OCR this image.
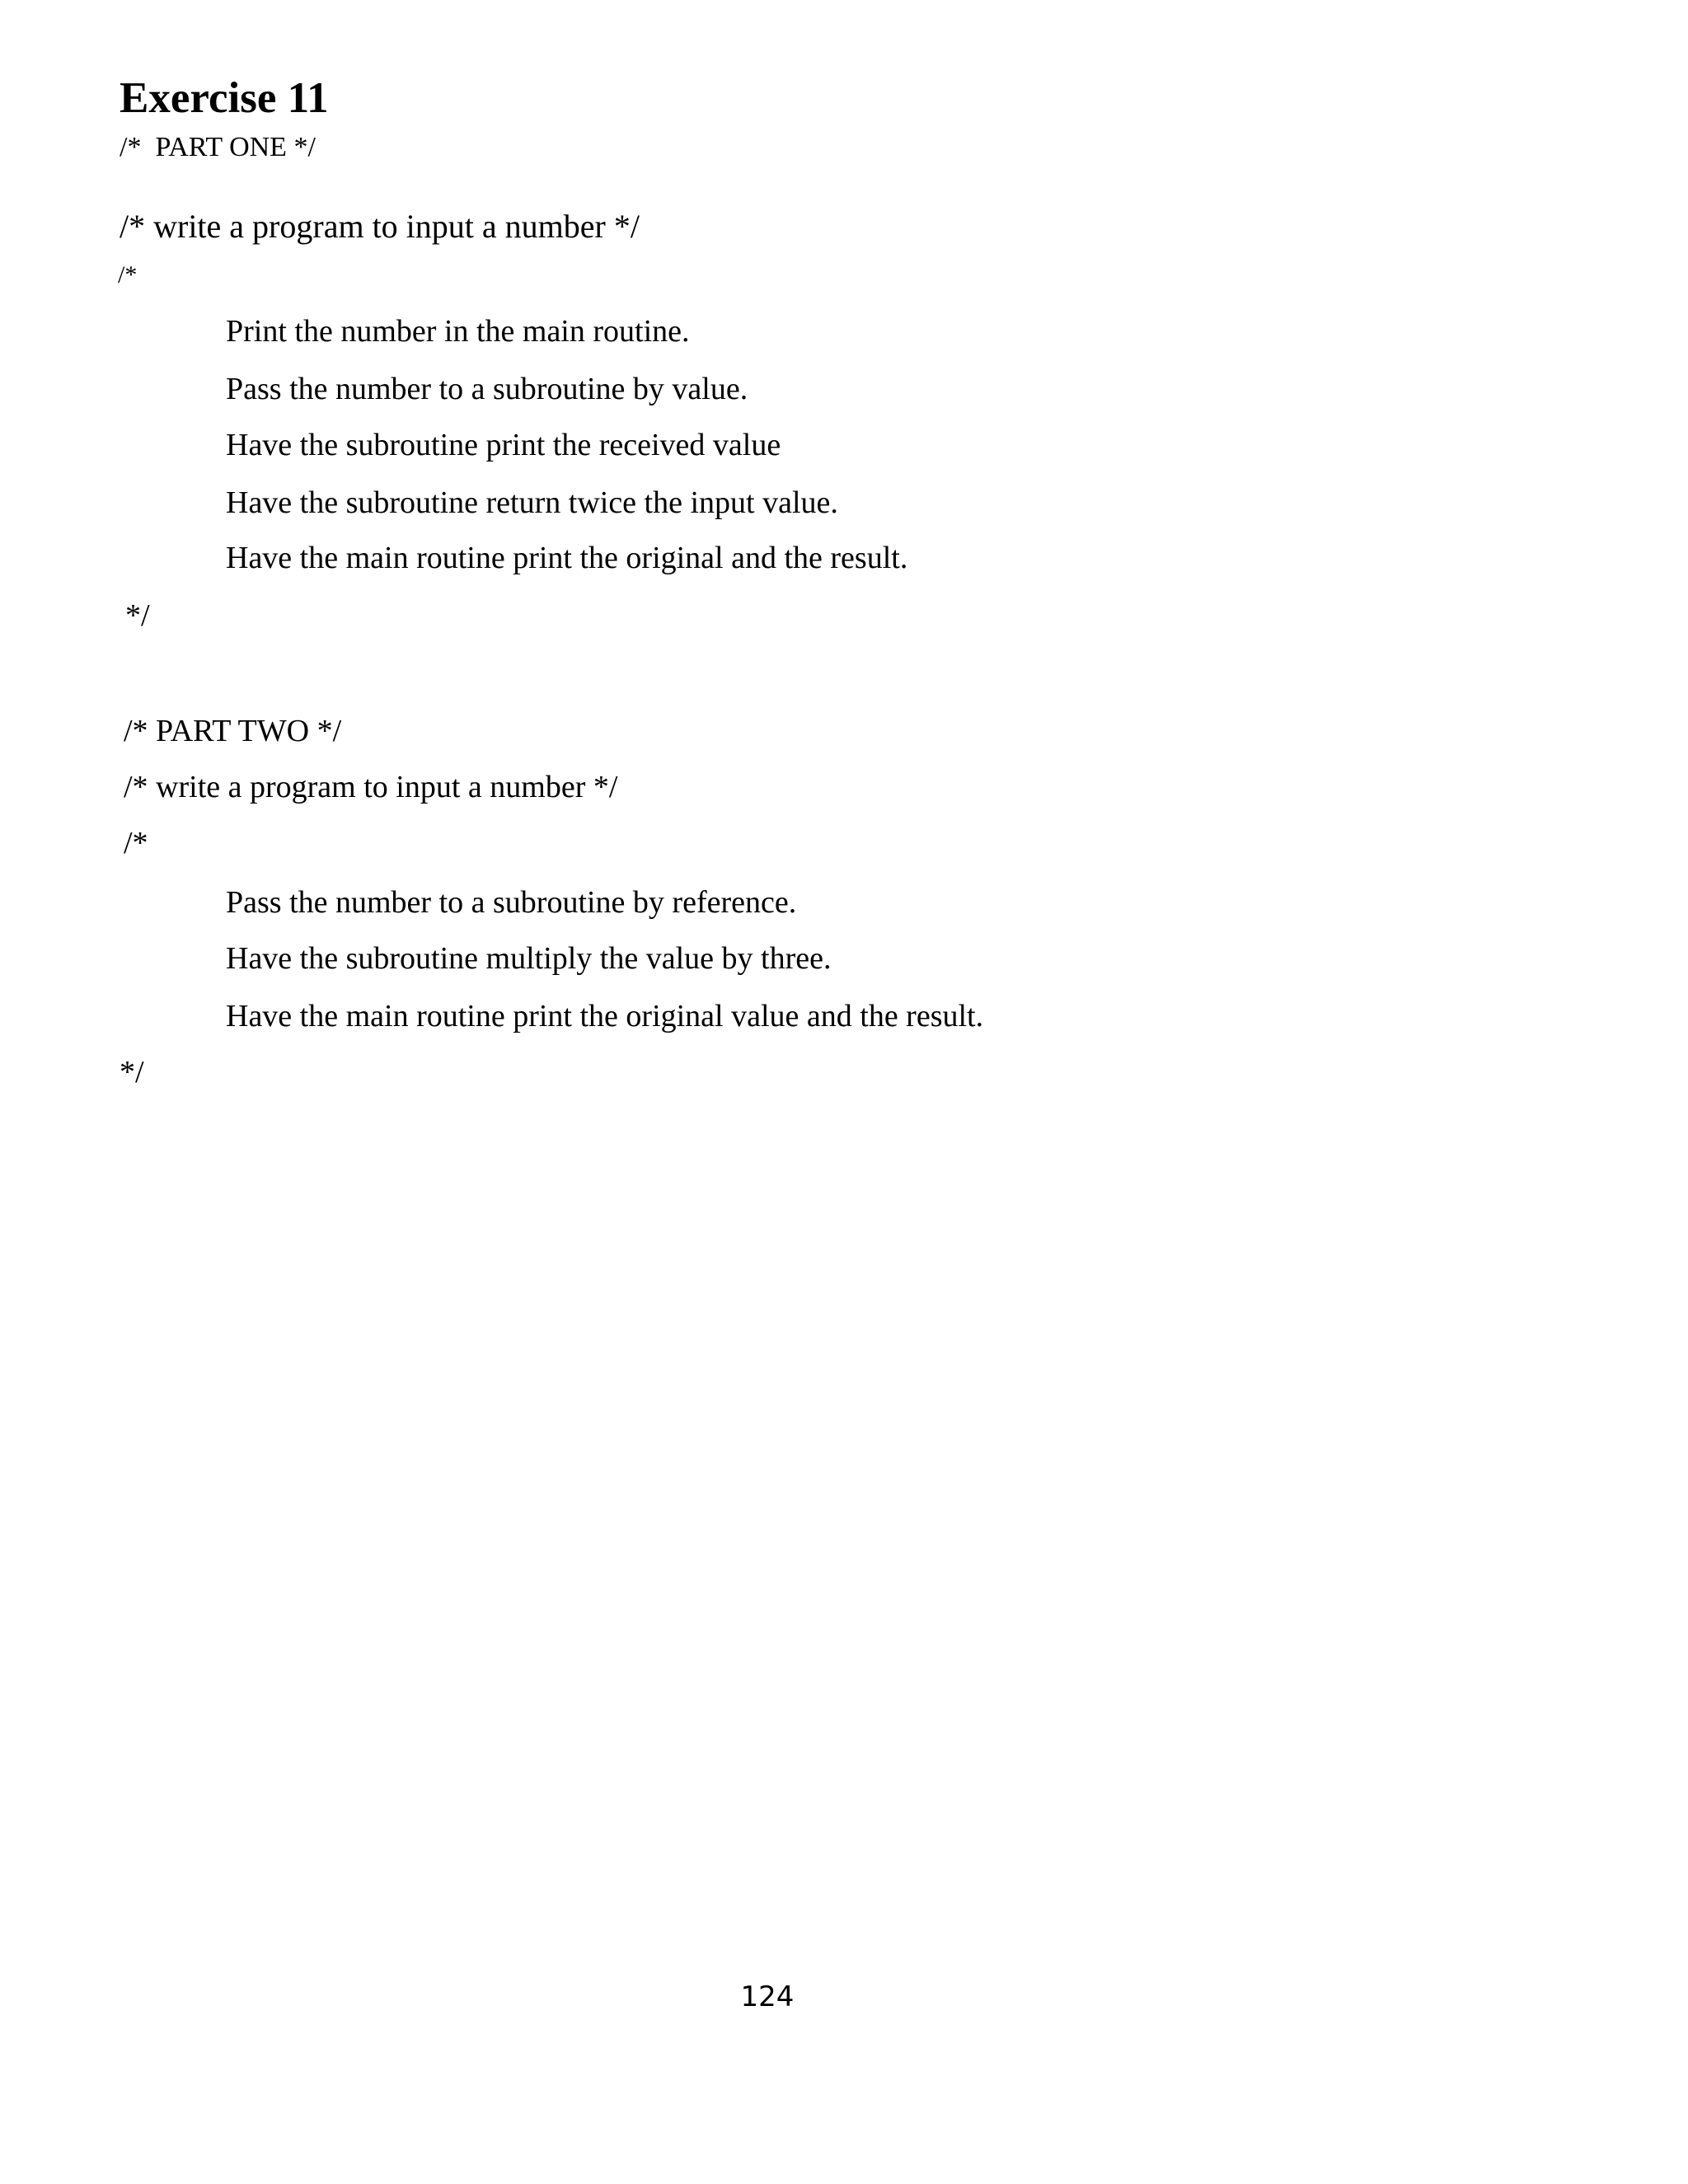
Exercise 11

/*  PART ONE */

/* write a program to input a number */

/*

Print the number in the main routine.

Pass the number to a subroutine by value.

Have the subroutine print the received value

Have the subroutine return twice the input value.

Have the main routine print the original and the result.

*/

/* PART TWO */

/* write a program to input a number */

/*

Pass the number to a subroutine by reference.

Have the subroutine multiply the value by three.

Have the main routine print the original value and the result.

*/

124
